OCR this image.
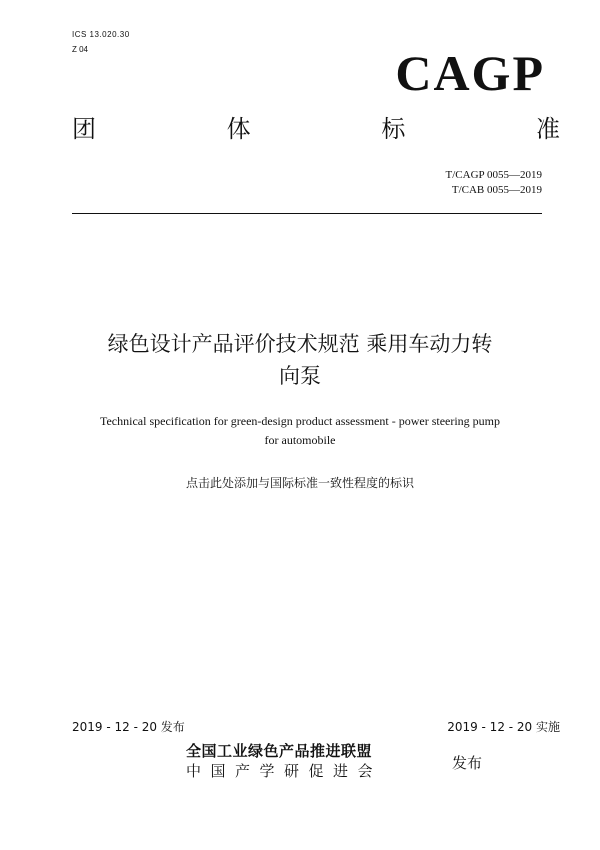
ICS 13.020.30
Z 04	CAGP
团	体	标	准
T/CAGP 0055—2019
T/CAB 0055—2019
绿色设计产品评价技术规范 乘用车动力转
向泵
Technical specification for green-design product assessment - power steering pump
for automobile
点击此处添加与国际标准一致性程度的标识
2019 - 12 - 20 发布	2019 - 12 - 20 实施
全国工业绿色产品推进联盟
中国产学研促进会	发布
